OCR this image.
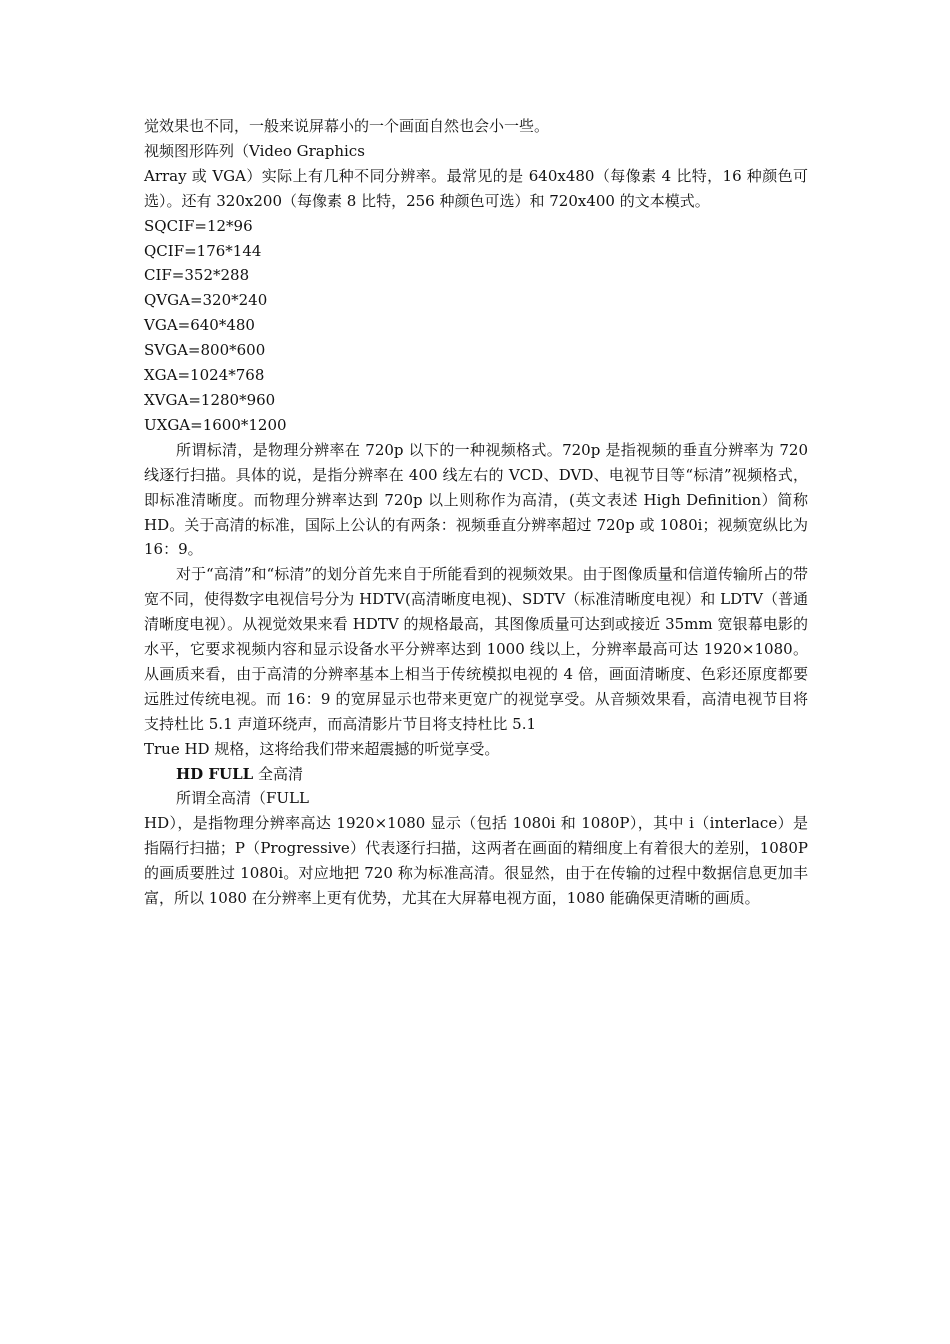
觉效果也不同，一般来说屏幕小的一个画面自然也会小一些。

视频图形阵列（Video Graphics

Array 或 VGA）实际上有几种不同分辨率。最常见的是 640x480（每像素 4 比特，16 种颜色可选）。还有 320x200（每像素 8 比特，256 种颜色可选）和 720x400 的文本模式。

SQCIF=12*96

QCIF=176*144

CIF=352*288

QVGA=320*240

VGA=640*480

SVGA=800*600

XGA=1024*768

XVGA=1280*960

UXGA=1600*1200

所谓标清，是物理分辨率在 720p 以下的一种视频格式。720p 是指视频的垂直分辨率为 720 线逐行扫描。具体的说，是指分辨率在 400 线左右的 VCD、DVD、电视节目等“标清”视频格式，即标准清晰度。而物理分辨率达到 720p 以上则称作为高清，(英文表述 High Definition）简称 HD。关于高清的标准，国际上公认的有两条：视频垂直分辨率超过 720p 或 1080i；视频宽纵比为 16：9。

对于“高清”和“标清”的划分首先来自于所能看到的视频效果。由于图像质量和信道传输所占的带宽不同，使得数字电视信号分为 HDTV(高清晰度电视)、SDTV（标准清晰度电视）和 LDTV（普通清晰度电视）。从视觉效果来看 HDTV 的规格最高，其图像质量可达到或接近 35mm 宽银幕电影的水平，它要求视频内容和显示设备水平分辨率达到 1000 线以上，分辨率最高可达 1920×1080。从画质来看，由于高清的分辨率基本上相当于传统模拟电视的 4 倍，画面清晰度、色彩还原度都要远胜过传统电视。而 16：9 的宽屏显示也带来更宽广的视觉享受。从音频效果看，高清电视节目将支持杜比 5.1 声道环绕声，而高清影片节目将支持杜比 5.1

True HD 规格，这将给我们带来超震撼的听觉享受。

HD FULL 全高清

所谓全高清（FULL

HD），是指物理分辨率高达 1920×1080 显示（包括 1080i 和 1080P），其中 i（interlace）是指隔行扫描；P（Progressive）代表逐行扫描，这两者在画面的精细度上有着很大的差别，1080P 的画质要胜过 1080i。对应地把 720 称为标准高清。很显然，由于在传输的过程中数据信息更加丰富，所以 1080 在分辨率上更有优势，尤其在大屏幕电视方面，1080 能确保更清晰的画质。
